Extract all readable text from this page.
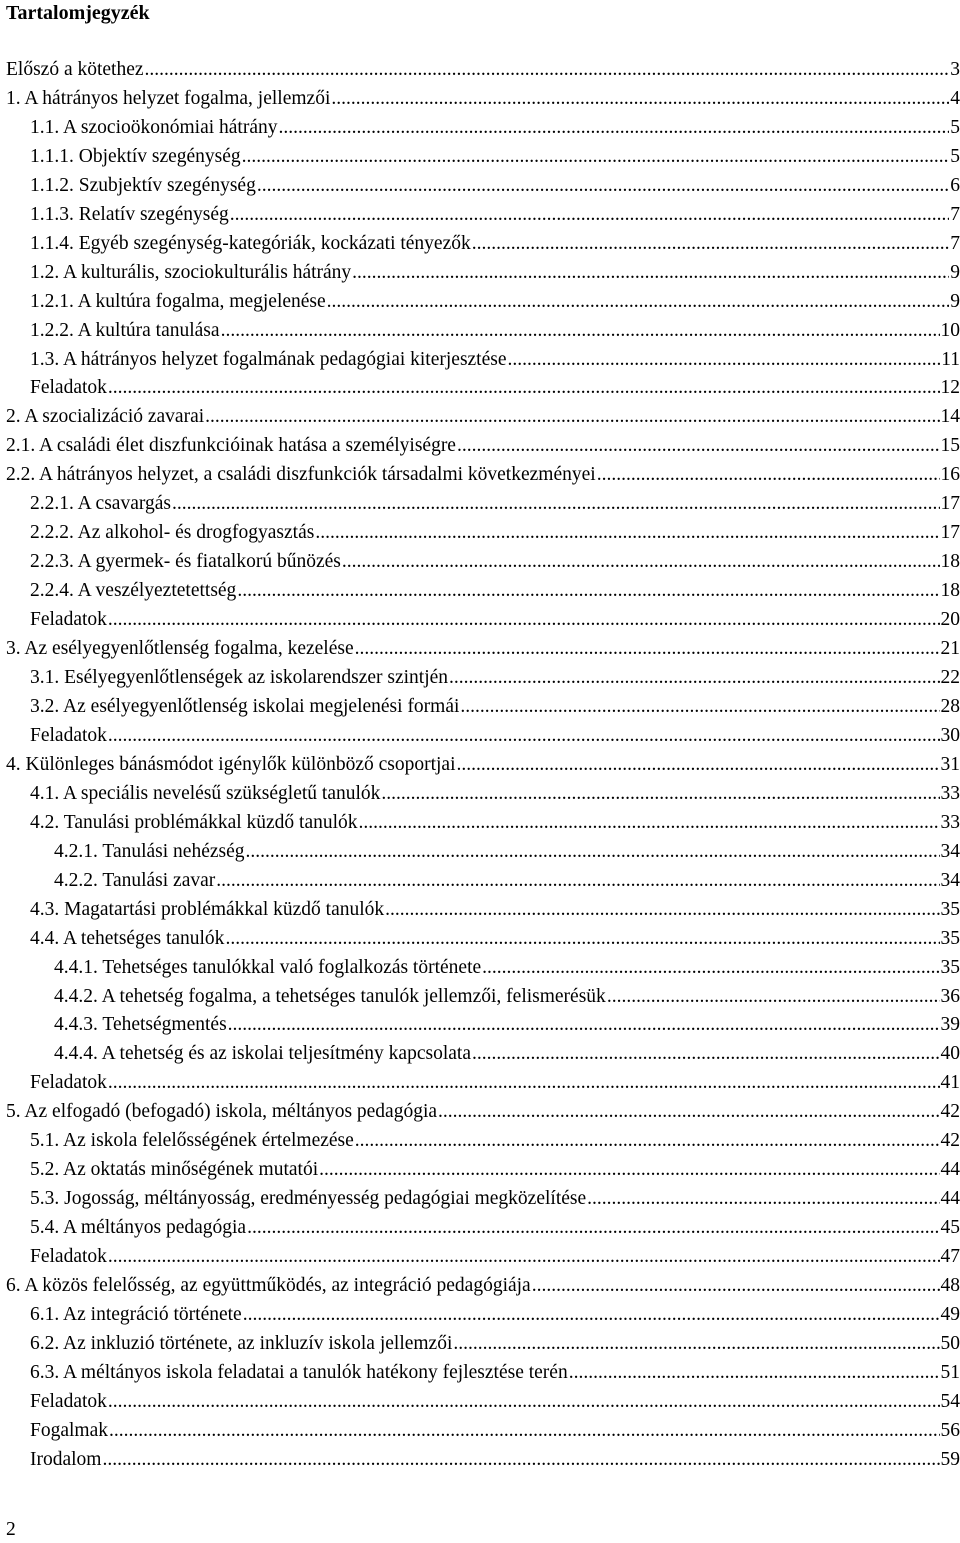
Tartalomjegyzék
Előszó a kötethez .....	3
1. A hátrányos helyzet fogalma, jellemzői .....	4
1.1. A szocioökonómiai hátrány .....	5
1.1.1. Objektív szegénység .....	5
1.1.2. Szubjektív szegénység .....	6
1.1.3. Relatív szegénység .....	7
1.1.4. Egyéb szegénység-kategóriák, kockázati tényezők .....	7
1.2. A kulturális, szociokulturális hátrány .....	9
1.2.1. A kultúra fogalma, megjelenése .....	9
1.2.2. A kultúra tanulása .....	10
1.3. A hátrányos helyzet fogalmának pedagógiai kiterjesztése .....	11
Feladatok .....	12
2. A szocializáció zavarai .....	14
2.1. A családi élet diszfunkcióinak hatása a személyiségre .....	15
2.2. A hátrányos helyzet, a családi diszfunkciók társadalmi következményei .....	16
2.2.1. A csavargás .....	17
2.2.2. Az alkohol- és drogfogyasztás .....	17
2.2.3. A gyermek- és fiatalkorú bűnözés .....	18
2.2.4. A veszélyeztetettség .....	18
Feladatok .....	20
3. Az esélyegyenlőtlenség fogalma, kezelése .....	21
3.1. Esélyegyenlőtlenségek az iskolarendszer szintjén .....	22
3.2. Az esélyegyenlőtlenség iskolai megjelenési formái .....	28
Feladatok .....	30
4. Különleges bánásmódot igénylők különböző csoportjai .....	31
4.1. A speciális nevelésű szükségletű tanulók .....	33
4.2. Tanulási problémákkal küzdő tanulók .....	33
4.2.1. Tanulási nehézség .....	34
4.2.2. Tanulási zavar .....	34
4.3. Magatartási problémákkal küzdő tanulók .....	35
4.4. A tehetséges tanulók .....	35
4.4.1. Tehetséges tanulókkal való foglalkozás története .....	35
4.4.2. A tehetség fogalma, a tehetséges tanulók jellemzői, felismerésük .....	36
4.4.3. Tehetségmentés .....	39
4.4.4. A tehetség és az iskolai teljesítmény kapcsolata .....	40
Feladatok .....	41
5. Az elfogadó (befogadó) iskola, méltányos pedagógia .....	42
5.1. Az iskola felelősségének értelmezése .....	42
5.2. Az oktatás minőségének mutatói .....	44
5.3. Jogosság, méltányosság, eredményesség pedagógiai megközelítése .....	44
5.4. A méltányos pedagógia .....	45
Feladatok .....	47
6. A közös felelősség, az együttműködés, az integráció pedagógiája .....	48
6.1. Az integráció története .....	49
6.2. Az inkluzió története, az inkluzív iskola jellemzői .....	50
6.3. A méltányos iskola feladatai a tanulók hatékony fejlesztése terén .....	51
Feladatok .....	54
Fogalmak .....	56
Irodalom .....	59
2
